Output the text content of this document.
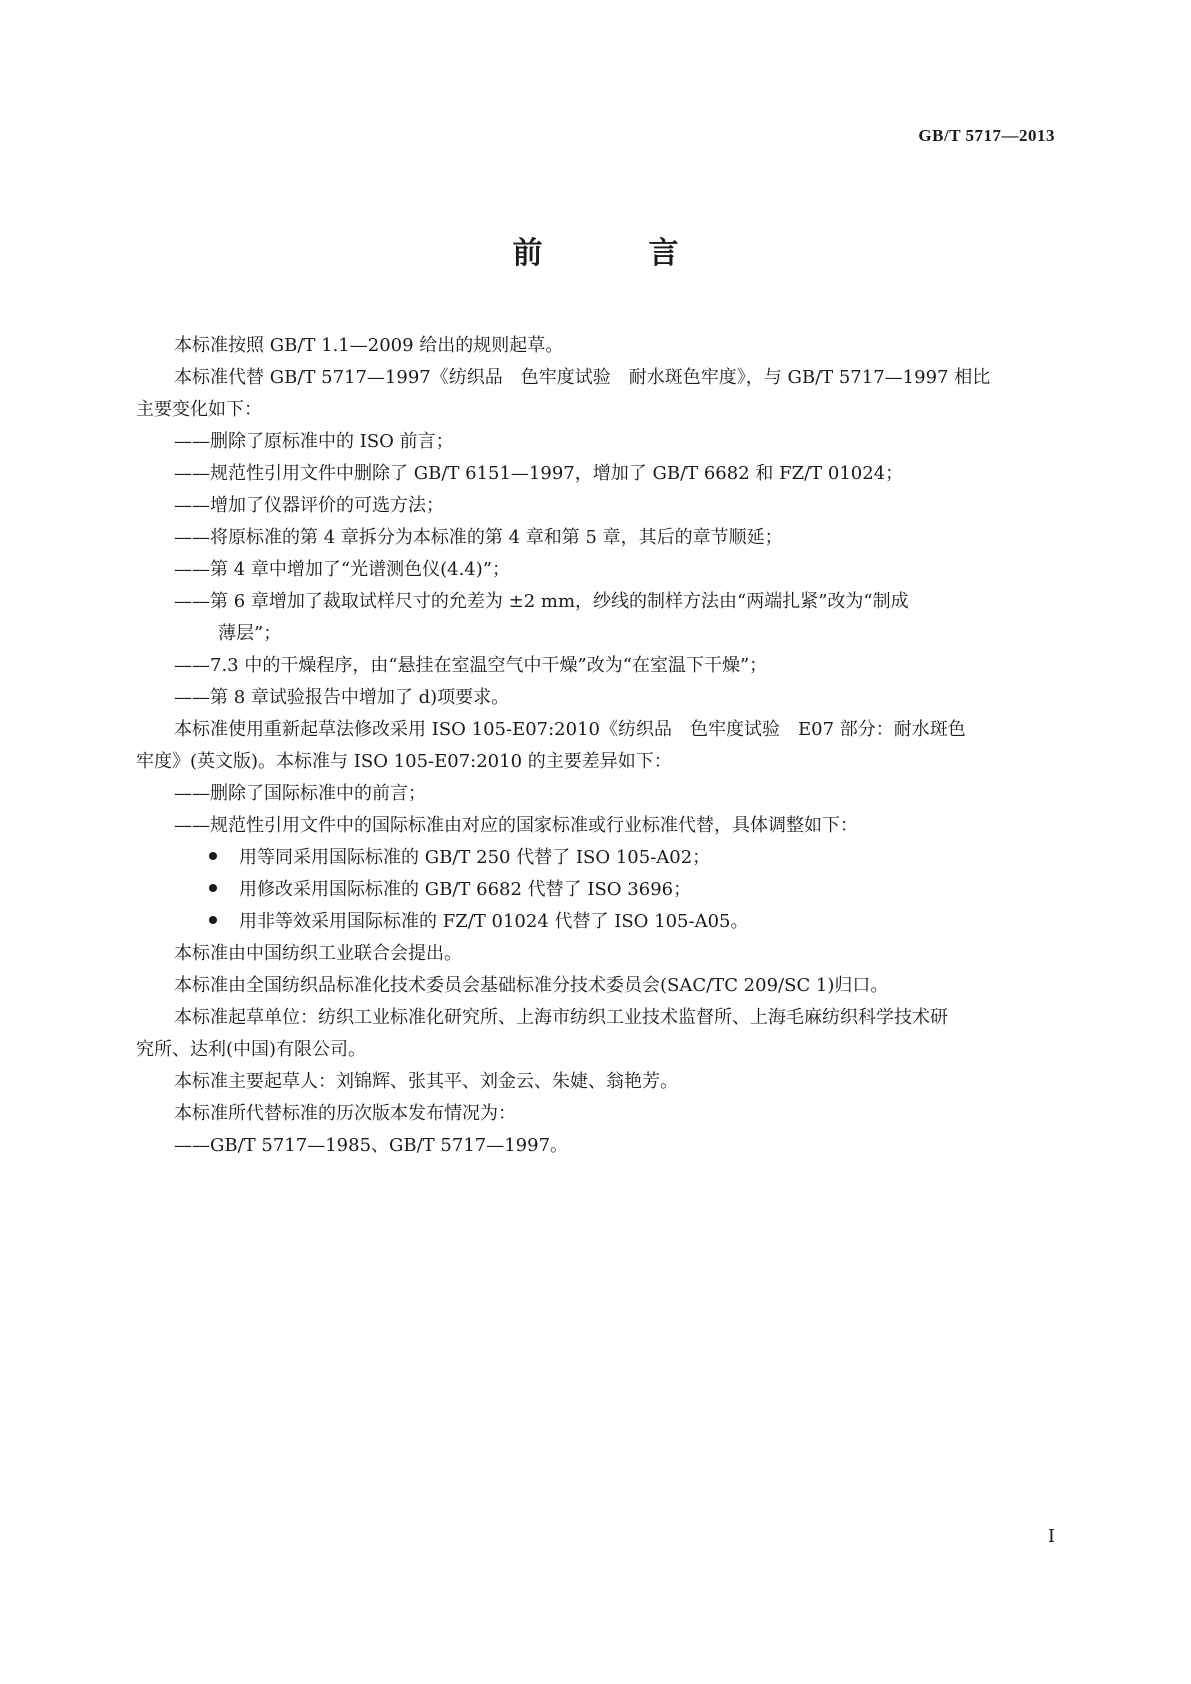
GB/T 5717—2013
前　言
本标准按照 GB/T 1.1—2009 给出的规则起草。
本标准代替 GB/T 5717—1997《纺织品　色牢度试验　耐水斑色牢度》，与 GB/T 5717—1997 相比
主要变化如下：
——删除了原标准中的 ISO 前言；
——规范性引用文件中删除了 GB/T 6151—1997，增加了 GB/T 6682 和 FZ/T 01024；
——增加了仪器评价的可选方法；
——将原标准的第 4 章拆分为本标准的第 4 章和第 5 章，其后的章节顺延；
——第 4 章中增加了“光谱测色仪(4.4)”；
——第 6 章增加了裁取试样尺寸的允差为 ±2 mm，纱线的制样方法由“两端扎紧”改为“制成
薄层”；
——7.3 中的干燥程序，由“悬挂在室温空气中干燥”改为“在室温下干燥”；
——第 8 章试验报告中增加了 d)项要求。
本标准使用重新起草法修改采用 ISO 105-E07:2010《纺织品　色牢度试验　E07 部分：耐水斑色
牢度》(英文版)。本标准与 ISO 105-E07:2010 的主要差异如下：
——删除了国际标准中的前言；
——规范性引用文件中的国际标准由对应的国家标准或行业标准代替，具体调整如下：
用等同采用国际标准的 GB/T 250 代替了 ISO 105-A02；
用修改采用国际标准的 GB/T 6682 代替了 ISO 3696；
用非等效采用国际标准的 FZ/T 01024 代替了 ISO 105-A05。
本标准由中国纺织工业联合会提出。
本标准由全国纺织品标准化技术委员会基础标准分技术委员会(SAC/TC 209/SC 1)归口。
本标准起草单位：纺织工业标准化研究所、上海市纺织工业技术监督所、上海毛麻纺织科学技术研
究所、达利(中国)有限公司。
本标准主要起草人：刘锦辉、张其平、刘金云、朱婕、翁艳芳。
本标准所代替标准的历次版本发布情况为：
——GB/T 5717—1985、GB/T 5717—1997。
I
